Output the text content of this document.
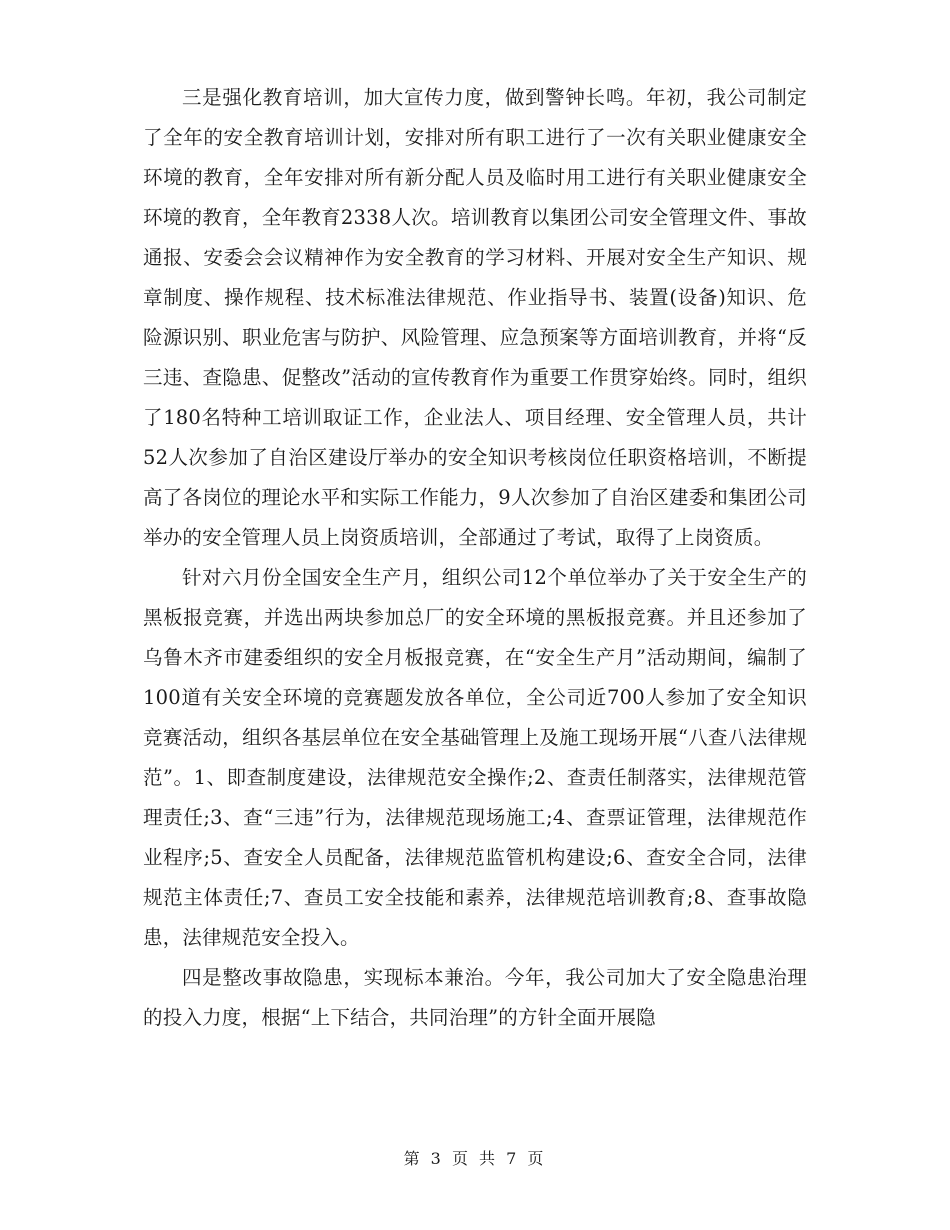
三是强化教育培训，加大宣传力度，做到警钟长鸣。年初，我公司制定了全年的安全教育培训计划，安排对所有职工进行了一次有关职业健康安全环境的教育，全年安排对所有新分配人员及临时用工进行有关职业健康安全环境的教育，全年教育2338人次。培训教育以集团公司安全管理文件、事故通报、安委会会议精神作为安全教育的学习材料、开展对安全生产知识、规章制度、操作规程、技术标准法律规范、作业指导书、装置(设备)知识、危险源识别、职业危害与防护、风险管理、应急预案等方面培训教育，并将“反三违、查隐患、促整改”活动的宣传教育作为重要工作贯穿始终。同时，组织了180名特种工培训取证工作，企业法人、项目经理、安全管理人员，共计52人次参加了自治区建设厅举办的安全知识考核岗位任职资格培训，不断提高了各岗位的理论水平和实际工作能力，9人次参加了自治区建委和集团公司举办的安全管理人员上岗资质培训，全部通过了考试，取得了上岗资质。

针对六月份全国安全生产月，组织公司12个单位举办了关于安全生产的黑板报竞赛，并选出两块参加总厂的安全环境的黑板报竞赛。并且还参加了乌鲁木齐市建委组织的安全月板报竞赛，在“安全生产月”活动期间，编制了100道有关安全环境的竞赛题发放各单位，全公司近700人参加了安全知识竞赛活动，组织各基层单位在安全基础管理上及施工现场开展“八查八法律规范”。1、即查制度建设，法律规范安全操作;2、查责任制落实，法律规范管理责任;3、查“三违”行为，法律规范现场施工;4、查票证管理，法律规范作业程序;5、查安全人员配备，法律规范监管机构建设;6、查安全合同，法律规范主体责任;7、查员工安全技能和素养，法律规范培训教育;8、查事故隐患，法律规范安全投入。

四是整改事故隐患，实现标本兼治。今年，我公司加大了安全隐患治理的投入力度，根据“上下结合，共同治理”的方针全面开展隐

第 3 页 共 7 页
